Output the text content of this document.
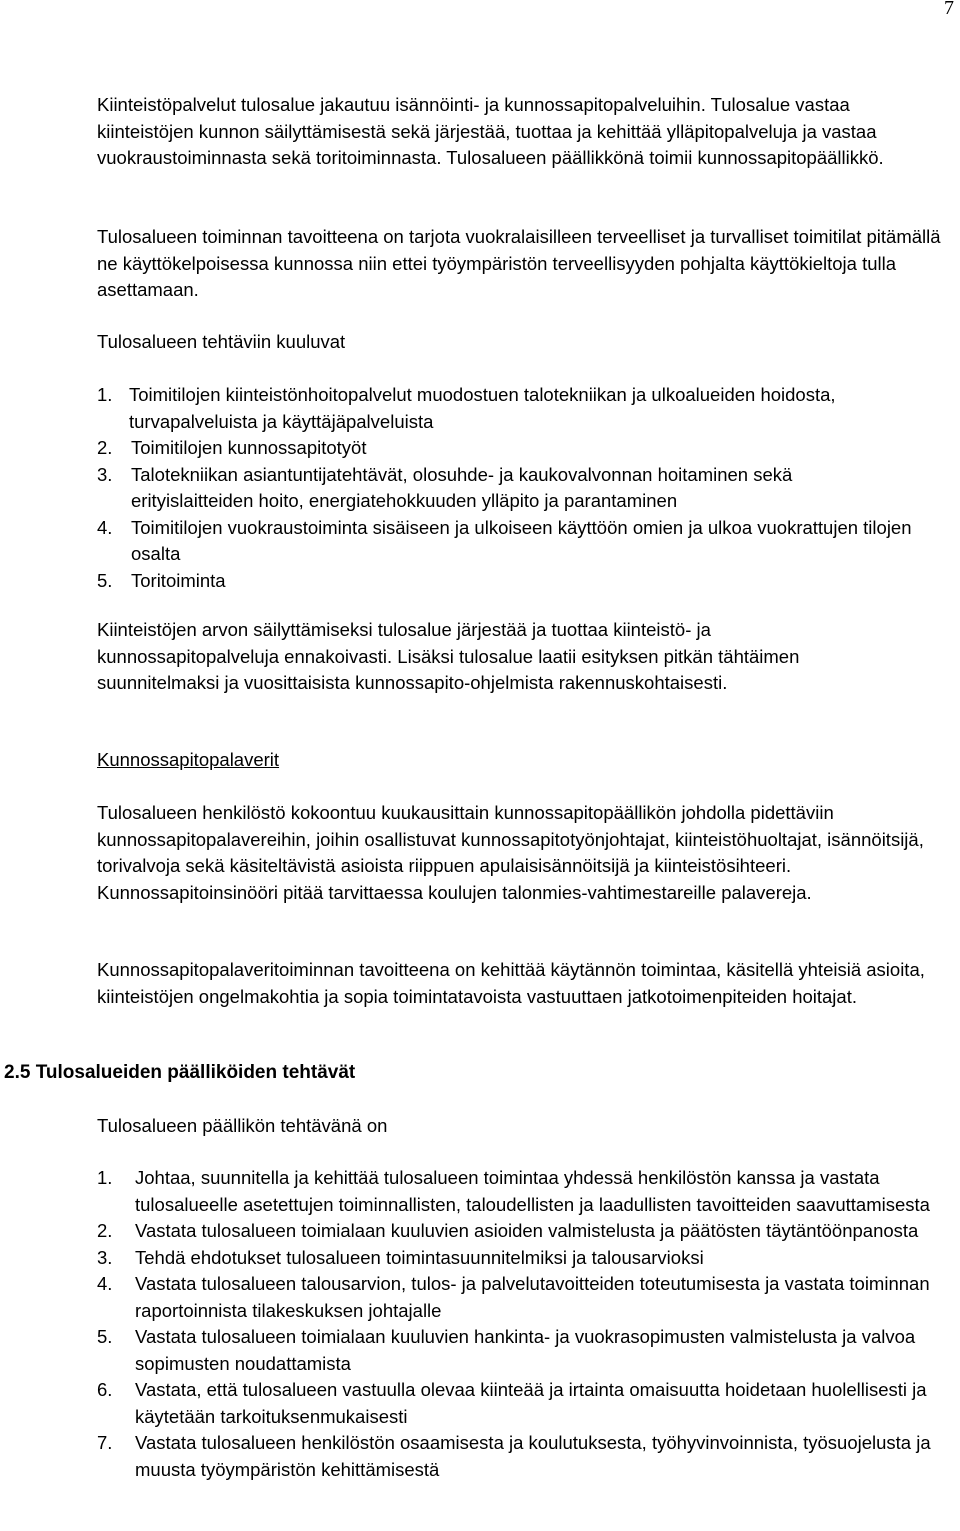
7

Kiinteistöpalvelut tulosalue jakautuu isännöinti- ja kunnossapitopalveluihin. Tulosalue vastaa kiinteistöjen kunnon säilyttämisestä sekä järjestää, tuottaa ja kehittää ylläpitopalveluja ja vastaa vuokraustoiminnasta sekä toritoiminnasta. Tulosalueen päällikkönä toimii kunnossapitopäällikkö.

Tulosalueen toiminnan tavoitteena on tarjota vuokralaisilleen terveelliset ja turvalliset toimitilat pitämällä ne käyttökelpoisessa kunnossa niin ettei työympäristön terveellisyyden pohjalta käyttökieltoja tulla asettamaan.

Tulosalueen tehtäviin kuuluvat

1. Toimitilojen kiinteistönhoitopalvelut muodostuen talotekniikan ja ulkoalueiden hoidosta, turvapalveluista ja käyttäjäpalveluista
2. Toimitilojen kunnossapitotyöt
3. Talotekniikan asiantuntijatehtävät, olosuhde- ja kaukovalvonnan hoitaminen sekä erityislaitteiden hoito, energiatehokkuuden ylläpito ja parantaminen
4. Toimitilojen vuokraustoiminta sisäiseen ja ulkoiseen käyttöön omien ja ulkoa vuokrattujen tilojen osalta
5. Toritoiminta

Kiinteistöjen arvon säilyttämiseksi tulosalue järjestää ja tuottaa kiinteistö- ja kunnossapitopalveluja ennakoivasti. Lisäksi tulosalue laatii esityksen pitkän tähtäimen suunnitelmaksi ja vuosittaisista kunnossapito-ohjelmista rakennuskohtaisesti.

Kunnossapitopalaverit

Tulosalueen henkilöstö kokoontuu kuukausittain kunnossapitopäällikön johdolla pidettäviin kunnossapitopalavereihin, joihin osallistuvat kunnossapitotyönjohtajat, kiinteistöhuoltajat, isännöitsijä, torivalvoja sekä käsiteltävistä asioista riippuen apulaisisännöitsijä ja kiinteistösihteeri. Kunnossapitoinsinööri pitää tarvittaessa koulujen talonmies-vahtimestareille palavereja.

Kunnossapitopalaveritoiminnan tavoitteena on kehittää käytännön toimintaa, käsitellä yhteisiä asioita, kiinteistöjen ongelmakohtia ja sopia toimintatavoista vastuuttaen jatkotoimenpiteiden hoitajat.

2.5 Tulosalueiden päälliköiden tehtävät

Tulosalueen päällikön tehtävänä on

1. Johtaa, suunnitella ja kehittää tulosalueen toimintaa yhdessä henkilöstön kanssa ja vastata tulosalueelle asetettujen toiminnallisten, taloudellisten ja laadullisten tavoitteiden saavuttamisesta
2. Vastata tulosalueen toimialaan kuuluvien asioiden valmistelusta ja päätösten täytäntöönpanosta
3. Tehdä ehdotukset tulosalueen toimintasuunnitelmiksi ja talousarvioksi
4. Vastata tulosalueen talousarvion, tulos- ja palvelutavoitteiden toteutumisesta ja vastata toiminnan raportoinnista tilakeskuksen johtajalle
5. Vastata tulosalueen toimialaan kuuluvien hankinta- ja vuokrasopimusten valmistelusta ja valvoa sopimusten noudattamista
6. Vastata, että tulosalueen vastuulla olevaa kiinteää ja irtainta omaisuutta hoidetaan huolellisesti ja käytetään tarkoituksenmukaisesti
7. Vastata tulosalueen henkilöstön osaamisesta ja koulutuksesta, työhyvinvoinnista, työsuojelusta ja muusta työympäristön kehittämisestä
